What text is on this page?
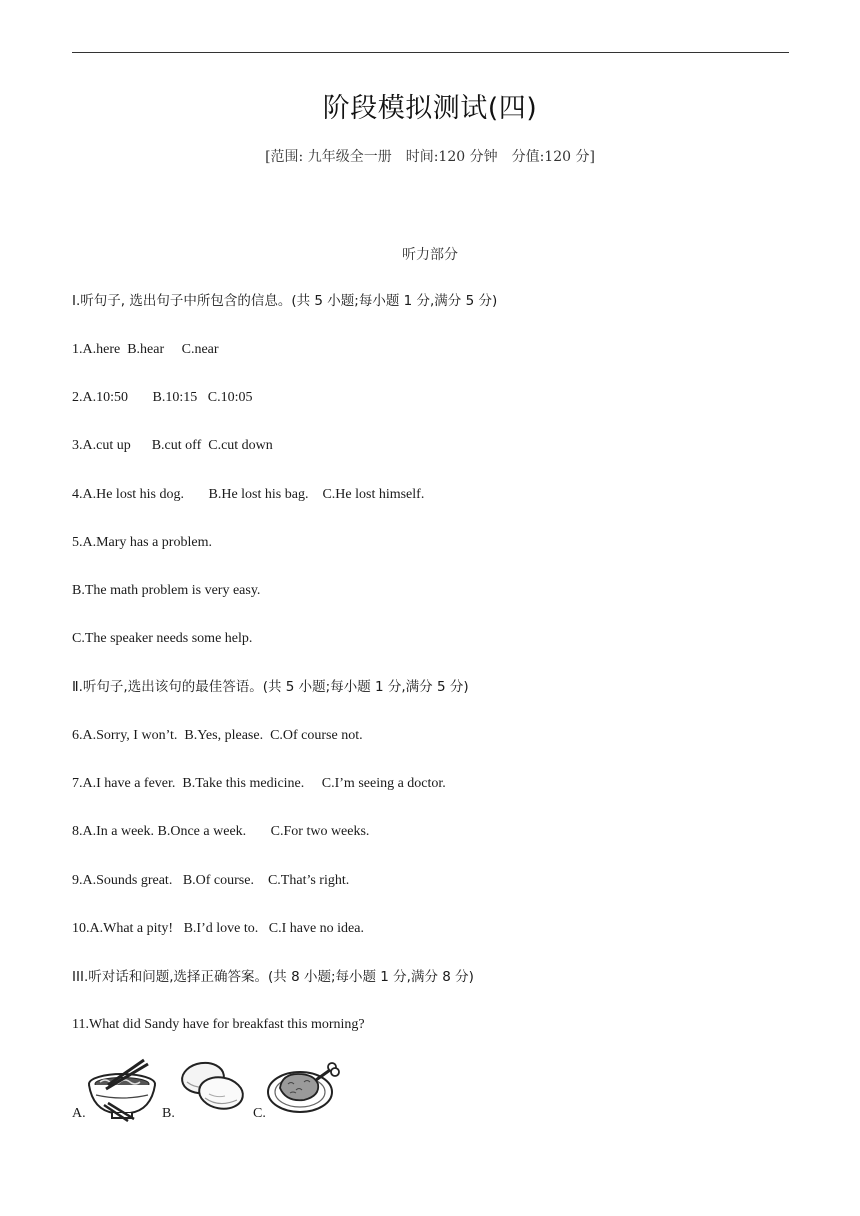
阶段模拟测试(四)
[范围: 九年级全一册　时间:120 分钟　分值:120 分]
听力部分
Ⅰ.听句子, 选出句子中所包含的信息。(共 5 小题;每小题 1 分,满分 5 分)
1.A.here  B.hear     C.near
2.A.10:50       B.10:15   C.10:05
3.A.cut up      B.cut off  C.cut down
4.A.He lost his dog.       B.He lost his bag.    C.He lost himself.
5.A.Mary has a problem.
B.The math problem is very easy.
C.The speaker needs some help.
Ⅱ.听句子,选出该句的最佳答语。(共 5 小题;每小题 1 分,满分 5 分)
6.A.Sorry, I won’t.  B.Yes, please.  C.Of course not.
7.A.I have a fever.  B.Take this medicine.     C.I’m seeing a doctor.
8.A.In a week. B.Once a week.       C.For two weeks.
9.A.Sounds great.   B.Of course.    C.That’s right.
10.A.What a pity!   B.I’d love to.   C.I have no idea.
III.听对话和问题,选择正确答案。(共 8 小题;每小题 1 分,满分 8 分)
11.What did Sandy have for breakfast this morning?
A.	B.	C.
